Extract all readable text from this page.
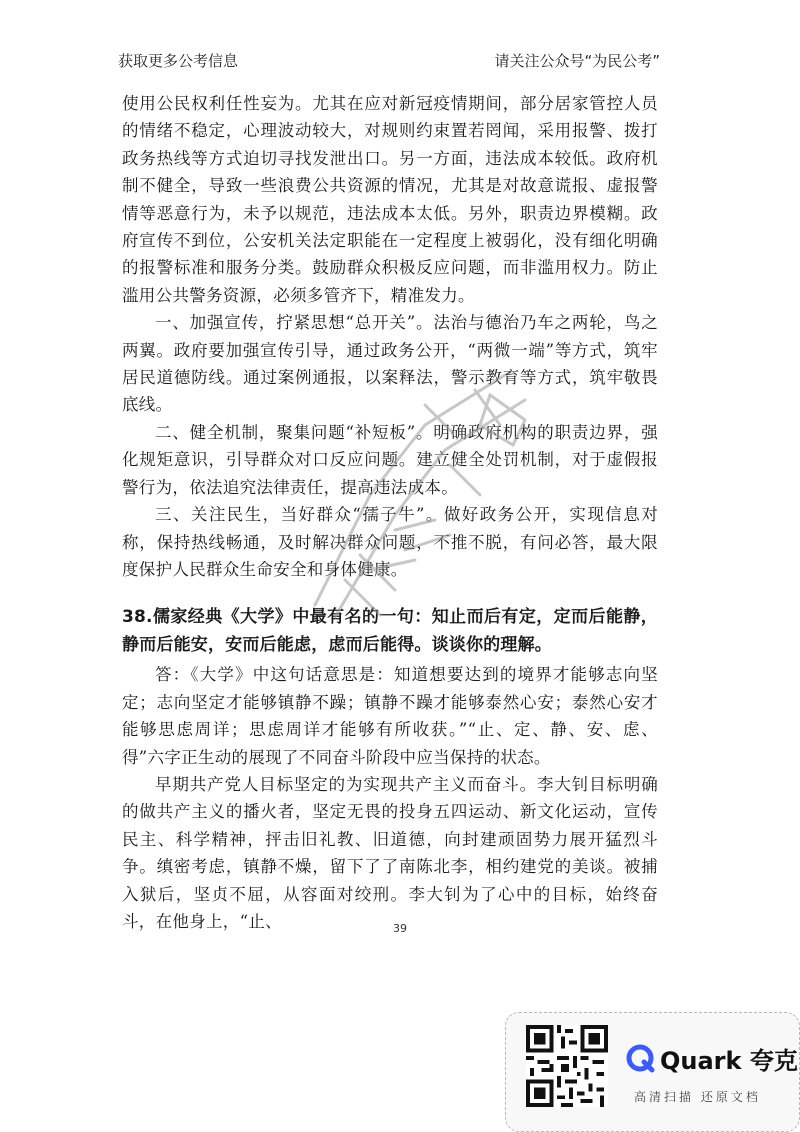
获取更多公考信息	请关注公众号“为民公考”

使用公民权利任性妄为。尤其在应对新冠疫情期间，部分居家管控人员的情绪不稳定，心理波动较大，对规则约束置若罔闻，采用报警、拨打政务热线等方式迫切寻找发泄出口。另一方面，违法成本较低。政府机制不健全，导致一些浪费公共资源的情况，尤其是对故意谎报、虚报警情等恶意行为，未予以规范，违法成本太低。另外，职责边界模糊。政府宣传不到位，公安机关法定职能在一定程度上被弱化，没有细化明确的报警标准和服务分类。鼓励群众积极反应问题，而非滥用权力。防止滥用公共警务资源，必须多管齐下，精准发力。

一、加强宣传，拧紧思想“总开关”。法治与德治乃车之两轮，鸟之两翼。政府要加强宣传引导，通过政务公开，“两微一端”等方式，筑牢居民道德防线。通过案例通报，以案释法，警示教育等方式，筑牢敬畏底线。

二、健全机制，聚集问题“补短板”。明确政府机构的职责边界，强化规矩意识，引导群众对口反应问题。建立健全处罚机制，对于虚假报警行为，依法追究法律责任，提高违法成本。

三、关注民生，当好群众“孺子牛”。做好政务公开，实现信息对称，保持热线畅通，及时解决群众问题，不推不脱，有问必答，最大限度保护人民群众生命安全和身体健康。

38.儒家经典《大学》中最有名的一句：知止而后有定，定而后能静，静而后能安，安而后能虑，虑而后能得。谈谈你的理解。

答：《大学》中这句话意思是：知道想要达到的境界才能够志向坚定；志向坚定才能够镇静不躁；镇静不躁才能够泰然心安；泰然心安才能够思虑周详；思虑周详才能够有所收获。”“止、定、静、安、虑、得”六字正生动的展现了不同奋斗阶段中应当保持的状态。

早期共产党人目标坚定的为实现共产主义而奋斗。李大钊目标明确的做共产主义的播火者，坚定无畏的投身五四运动、新文化运动，宣传民主、科学精神，抨击旧礼教、旧道德，向封建顽固势力展开猛烈斗争。缜密考虑，镇静不燥，留下了了南陈北李，相约建党的美谈。被捕入狱后，坚贞不屈，从容面对绞刑。李大钊为了心中的目标，始终奋斗，在他身上，“止、	39
Quark 夸克
高清扫描 还原文档
